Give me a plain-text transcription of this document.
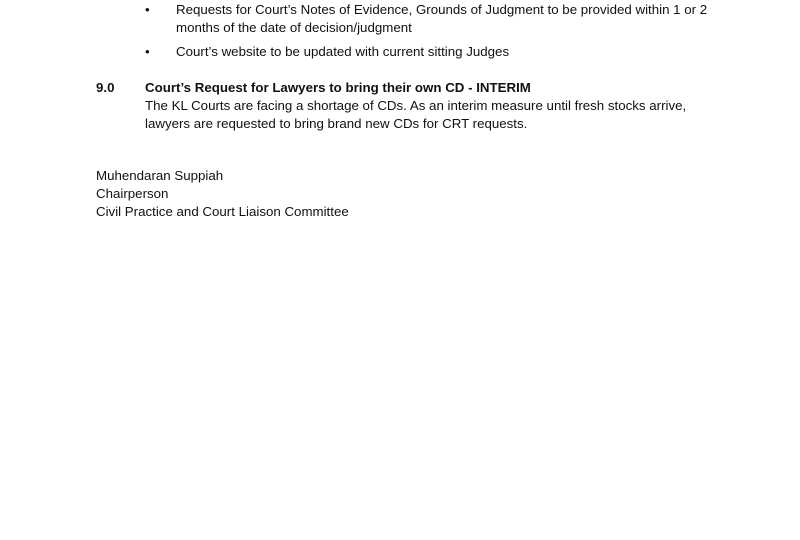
•	Requests for Court’s Notes of Evidence, Grounds of Judgment to be provided within 1 or 2 months of the date of decision/judgment
•	Court’s website to be updated with current sitting Judges
9.0 Court’s Request for Lawyers to bring their own CD - INTERIM

The KL Courts are facing a shortage of CDs. As an interim measure until fresh stocks arrive,

lawyers are requested to bring brand new CDs for CRT requests.

Muhendaran Suppiah
Chairperson
Civil Practice and Court Liaison Committee
